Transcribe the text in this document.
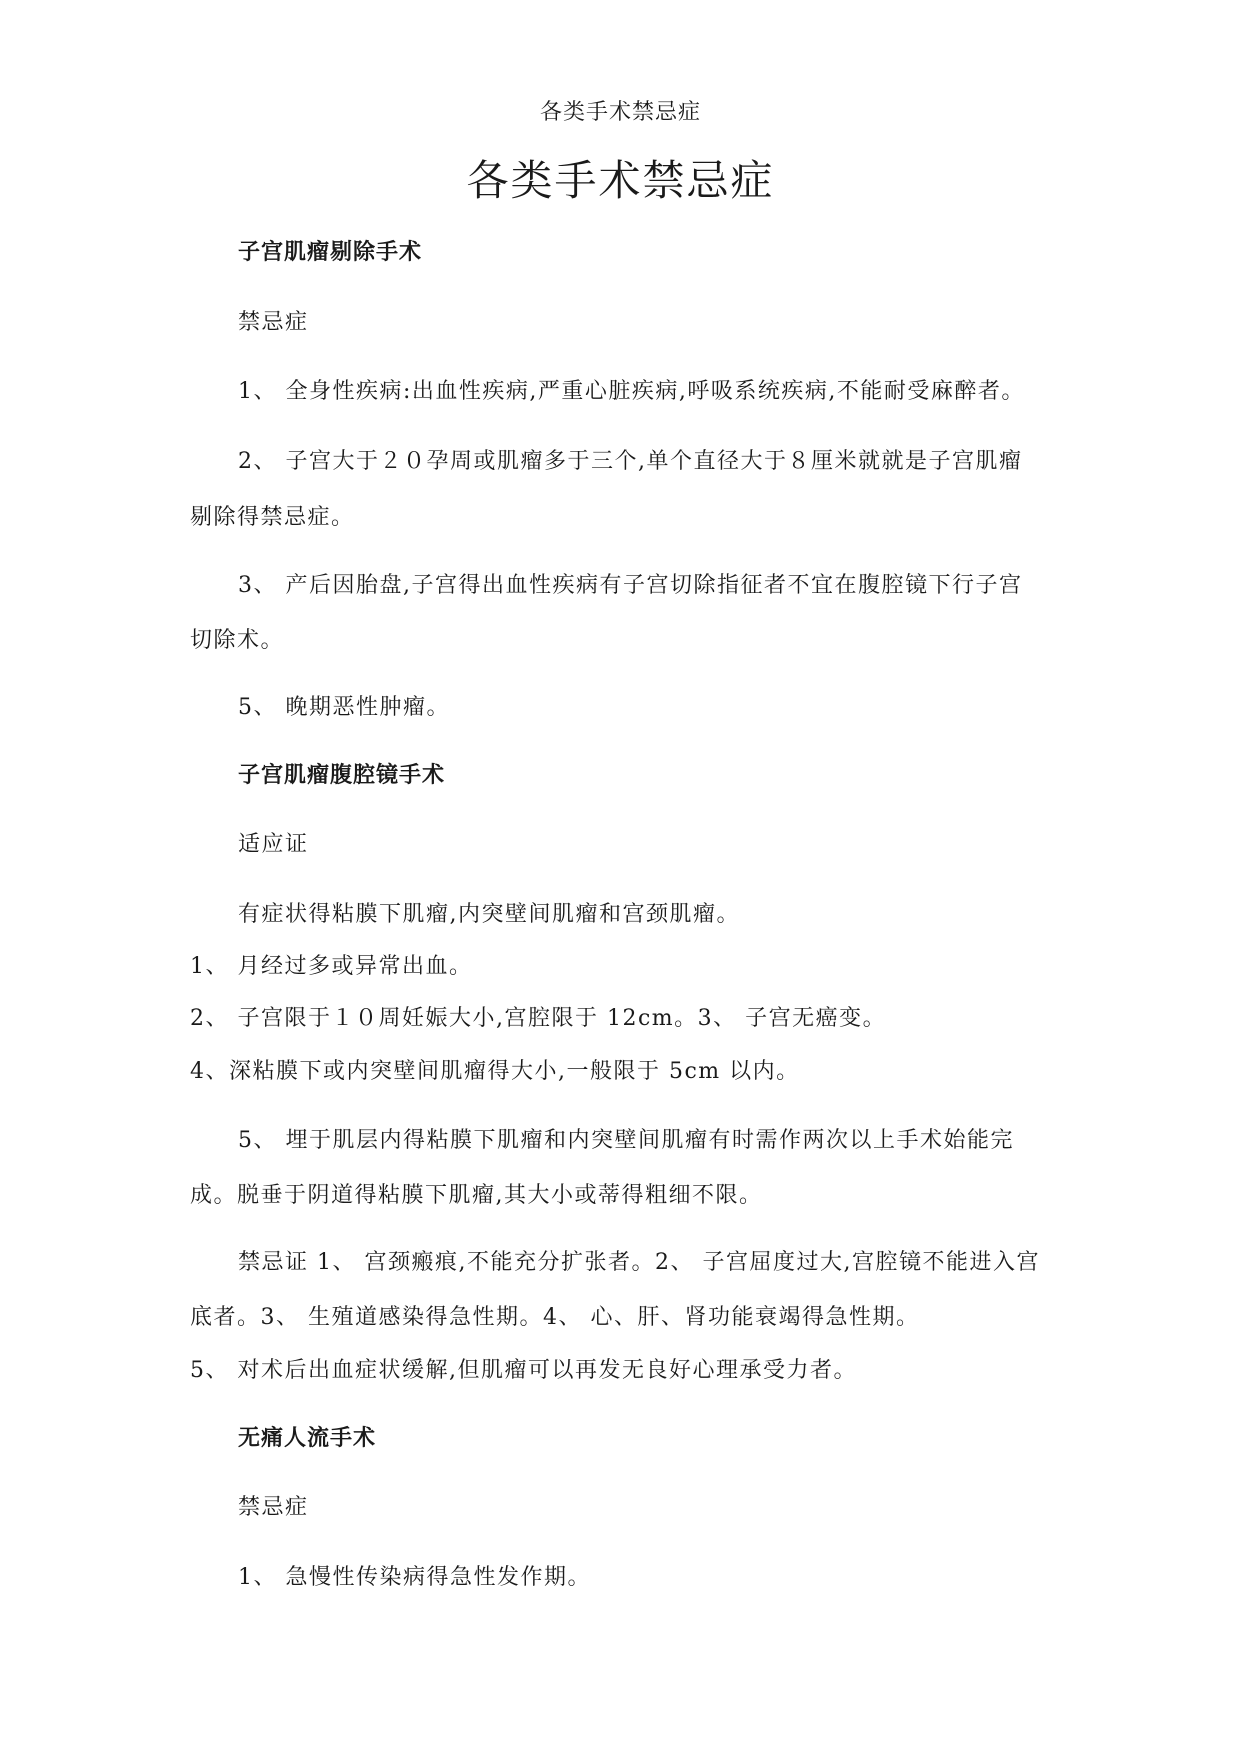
各类手术禁忌症
各类手术禁忌症
子宫肌瘤剔除手术
禁忌症
1、 全身性疾病:出血性疾病,严重心脏疾病,呼吸系统疾病,不能耐受麻醉者。
2、 子宫大于２０孕周或肌瘤多于三个,单个直径大于８厘米就就是子宫肌瘤
剔除得禁忌症。
3、 产后因胎盘,子宫得出血性疾病有子宫切除指征者不宜在腹腔镜下行子宫
切除术。
5、 晚期恶性肿瘤。
子宫肌瘤腹腔镜手术
适应证
有症状得粘膜下肌瘤,内突壁间肌瘤和宫颈肌瘤。
1、 月经过多或异常出血。
2、 子宫限于１０周妊娠大小,宫腔限于 12cm。3、 子宫无癌变。
4、深粘膜下或内突壁间肌瘤得大小,一般限于 5cm 以内。
5、 埋于肌层内得粘膜下肌瘤和内突壁间肌瘤有时需作两次以上手术始能完
成。脱垂于阴道得粘膜下肌瘤,其大小或蒂得粗细不限。
禁忌证 1、 宫颈瘢痕,不能充分扩张者。2、 子宫屈度过大,宫腔镜不能进入宫
底者。3、 生殖道感染得急性期。4、 心、肝、肾功能衰竭得急性期。
5、 对术后出血症状缓解,但肌瘤可以再发无良好心理承受力者。
无痛人流手术
禁忌症
1、 急慢性传染病得急性发作期。
